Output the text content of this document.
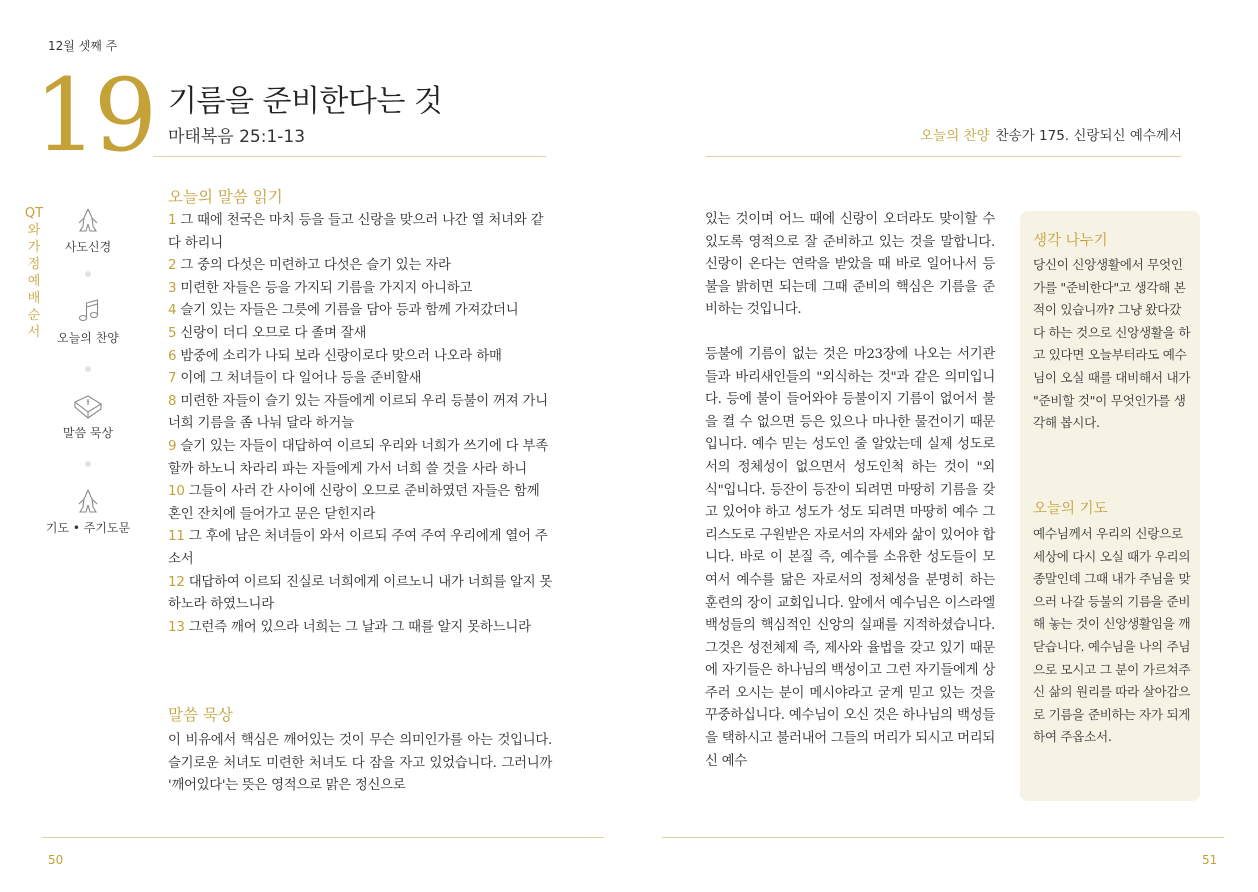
12월 셋째 주
19 기름을 준비한다는 것
마태복음 25:1-13	오늘의 찬양 찬송가 175. 신랑되신 예수께서
QT와 가정예배 순서
사도신경
오늘의 찬양
말씀 묵상
기도 • 주기도문
오늘의 말씀 읽기

1 그 때에 천국은 마치 등을 들고 신랑을 맞으러 나간 열 처녀와 같다 하리니

2 그 중의 다섯은 미련하고 다섯은 슬기 있는 자라

3 미련한 자들은 등을 가지되 기름을 가지지 아니하고

4 슬기 있는 자들은 그릇에 기름을 담아 등과 함께 가져갔더니

5 신랑이 더디 오므로 다 졸며 잘새

6 밤중에 소리가 나되 보라 신랑이로다 맞으러 나오라 하매

7 이에 그 처녀들이 다 일어나 등을 준비할새

8 미련한 자들이 슬기 있는 자들에게 이르되 우리 등불이 꺼져 가니 너희 기름을 좀 나눠 달라 하거늘

9 슬기 있는 자들이 대답하여 이르되 우리와 너희가 쓰기에 다 부족할까 하노니 차라리 파는 자들에게 가서 너희 쓸 것을 사라 하니

10 그들이 사러 간 사이에 신랑이 오므로 준비하였던 자들은 함께 혼인 잔치에 들어가고 문은 닫힌지라

11 그 후에 남은 처녀들이 와서 이르되 주여 주여 우리에게 열어 주소서

12 대답하여 이르되 진실로 너희에게 이르노니 내가 너희를 알지 못하노라 하였느니라

13 그런즉 깨어 있으라 너희는 그 날과 그 때를 알지 못하느니라

말씀 묵상

이 비유에서 핵심은 깨어있는 것이 무슨 의미인가를 아는 것입니다. 슬기로운 처녀도 미련한 처녀도 다 잠을 자고 있었습니다. 그러니까 '깨어있다'는 뜻은 영적으로 맑은 정신으로

있는 것이며 어느 때에 신랑이 오더라도 맞이할 수 있도록 영적으로 잘 준비하고 있는 것을 말합니다. 신랑이 온다는 연락을 받았을 때 바로 일어나서 등불을 밝히면 되는데 그때 준비의 핵심은 기름을 준비하는 것입니다.

등불에 기름이 없는 것은 마23장에 나오는 서기관들과 바리새인들의 "외식하는 것"과 같은 의미입니다. 등에 불이 들어와야 등불이지 기름이 없어서 불을 켤 수 없으면 등은 있으나 마나한 물건이기 때문입니다. 예수 믿는 성도인 줄 알았는데 실제 성도로서의 정체성이 없으면서 성도인척 하는 것이 "외식"입니다. 등잔이 등잔이 되려면 마땅히 기름을 갖고 있어야 하고 성도가 성도 되려면 마땅히 예수 그리스도로 구원받은 자로서의 자세와 삶이 있어야 합니다. 바로 이 본질 즉, 예수를 소유한 성도들이 모여서 예수를 닮은 자로서의 정체성을 분명히 하는 훈련의 장이 교회입니다. 앞에서 예수님은 이스라엘 백성들의 핵심적인 신앙의 실패를 지적하셨습니다. 그것은 성전체제 즉, 제사와 율법을 갖고 있기 때문에 자기들은 하나님의 백성이고 그런 자기들에게 상주러 오시는 분이 메시야라고 굳게 믿고 있는 것을 꾸중하십니다. 예수님이 오신 것은 하나님의 백성들을 택하시고 불러내어 그들의 머리가 되시고 머리되신 예수

생각 나누기
당신이 신앙생활에서 무엇인가를 "준비한다"고 생각해 본 적이 있습니까? 그냥 왔다갔다 하는 것으로 신앙생활을 하고 있다면 오늘부터라도 예수님이 오실 때를 대비해서 내가 "준비할 것"이 무엇인가를 생각해 봅시다.
오늘의 기도
예수님께서 우리의 신랑으로 세상에 다시 오실 때가 우리의 종말인데 그때 내가 주님을 맞으러 나갈 등불의 기름을 준비해 놓는 것이 신앙생활임을 깨닫습니다. 예수님을 나의 주님으로 모시고 그 분이 가르쳐주신 삶의 원리를 따라 살아감으로 기름을 준비하는 자가 되게 하여 주옵소서.
50	51
